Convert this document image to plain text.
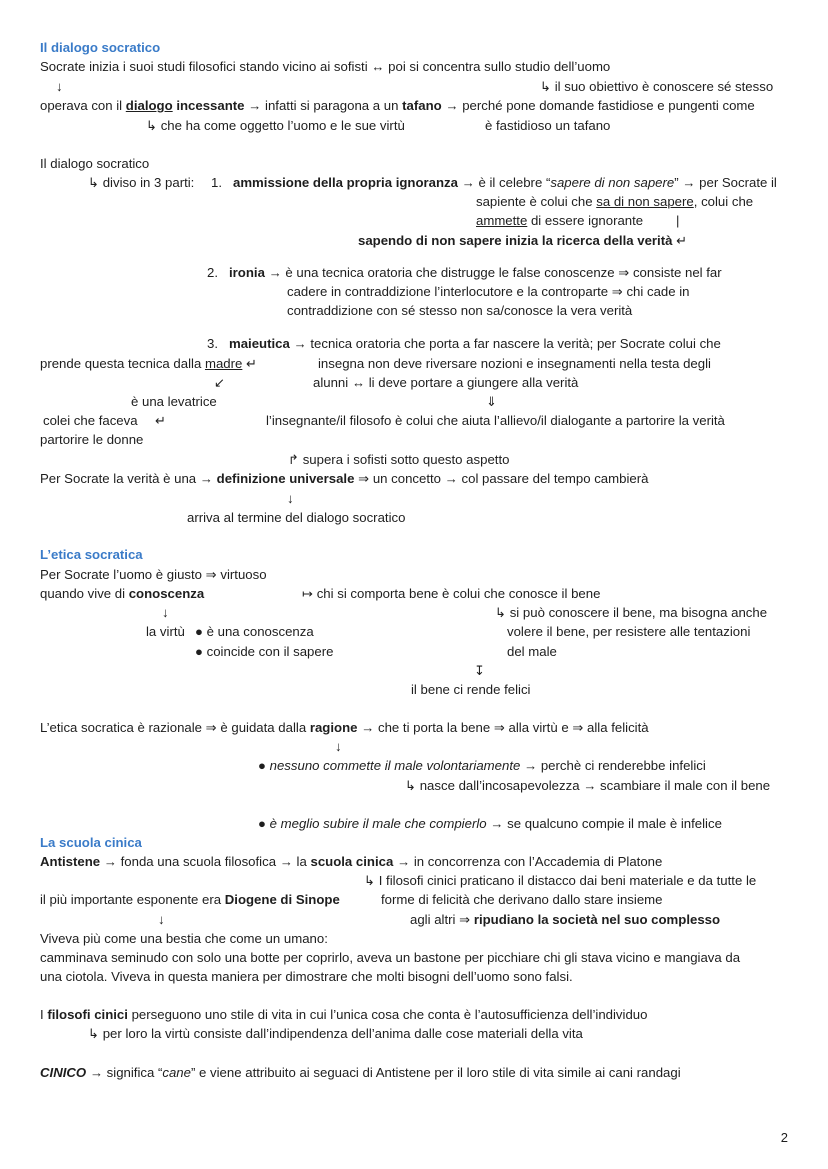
Il dialogo socratico
Socrate inizia i suoi studi filosofici stando vicino ai sofisti ↔ poi si concentra sullo studio dell’uomo
↓	↳ il suo obiettivo è conoscere sé stesso
operava con il dialogo incessante → infatti si paragona a un tafano → perché pone domande fastidiose e pungenti come
↳ che ha come oggetto l’uomo e le sue virtù	è fastidioso un tafano
Il dialogo socratico
↳ diviso in 3 parti: 1. ammissione della propria ignoranza → è il celebre “sapere di non sapere” → per Socrate il
sapiente è colui che sa di non sapere, colui che
ammette di essere ignorante |
sapendo di non sapere inizia la ricerca della verità ↵
2. ironia → è una tecnica oratoria che distrugge le false conoscenze ⇒ consiste nel far
cadere in contraddizione l’interlocutore e la controparte ⇒ chi cade in
contraddizione con sé stesso non sa/conosce la vera verità
3. maieutica → tecnica oratoria che porta a far nascere la verità; per Socrate colui che
prende questa tecnica dalla madre ↵	insegna non deve riversare nozioni e insegnamenti nella testa degli
↙	alunni ↔ li deve portare a giungere alla verità
è una levatrice	⇓
colei che faceva ↵	l’insegnante/il filosofo è colui che aiuta l’allievo/il dialogante a partorire la verità
partorire le donne
↱ supera i sofisti sotto questo aspetto
Per Socrate la verità è una → definizione universale ⇒ un concetto → col passare del tempo cambierà
↓
arriva al termine del dialogo socratico
L’etica socratica
Per Socrate l’uomo è giusto ⇒ virtuoso
quando vive di conoscenza	↦ chi si comporta bene è colui che conosce il bene
↓	↳ si può conoscere il bene, ma bisogna anche
la virtù ● è una conoscenza	volere il bene, per resistere alle tentazioni
● coincide con il sapere	del male
↧
il bene ci rende felici
L’etica socratica è razionale ⇒ è guidata dalla ragione → che ti porta la bene ⇒ alla virtù e ⇒ alla felicità
↓
● nessuno commette il male volontariamente → perchè ci renderebbe infelici
↳ nasce dall’incosapevolezza → scambiare il male con il bene
● è meglio subire il male che compierlo → se qualcuno compie il male è infelice
La scuola cinica
Antistene → fonda una scuola filosofica → la scuola cinica → in concorrenza con l’Accademia di Platone
↳ I filosofi cinici praticano il distacco dai beni materiale e da tutte le
il più importante esponente era Diogene di Sinope	forme di felicità che derivano dallo stare insieme
↓	agli altri ⇒ ripudiano la società nel suo complesso
Viveva più come una bestia che come un umano:
camminava seminudo con solo una botte per coprirlo, aveva un bastone per picchiare chi gli stava vicino e mangiava da
una ciotola. Viveva in questa maniera per dimostrare che molti bisogni dell’uomo sono falsi.
I filosofi cinici perseguono uno stile di vita in cui l’unica cosa che conta è l’autosufficienza dell’individuo
↳ per loro la virtù consiste dall’indipendenza dell’anima dalle cose materiali della vita
CINICO → significa “cane” e viene attribuito ai seguaci di Antistene per il loro stile di vita simile ai cani randagi
2
